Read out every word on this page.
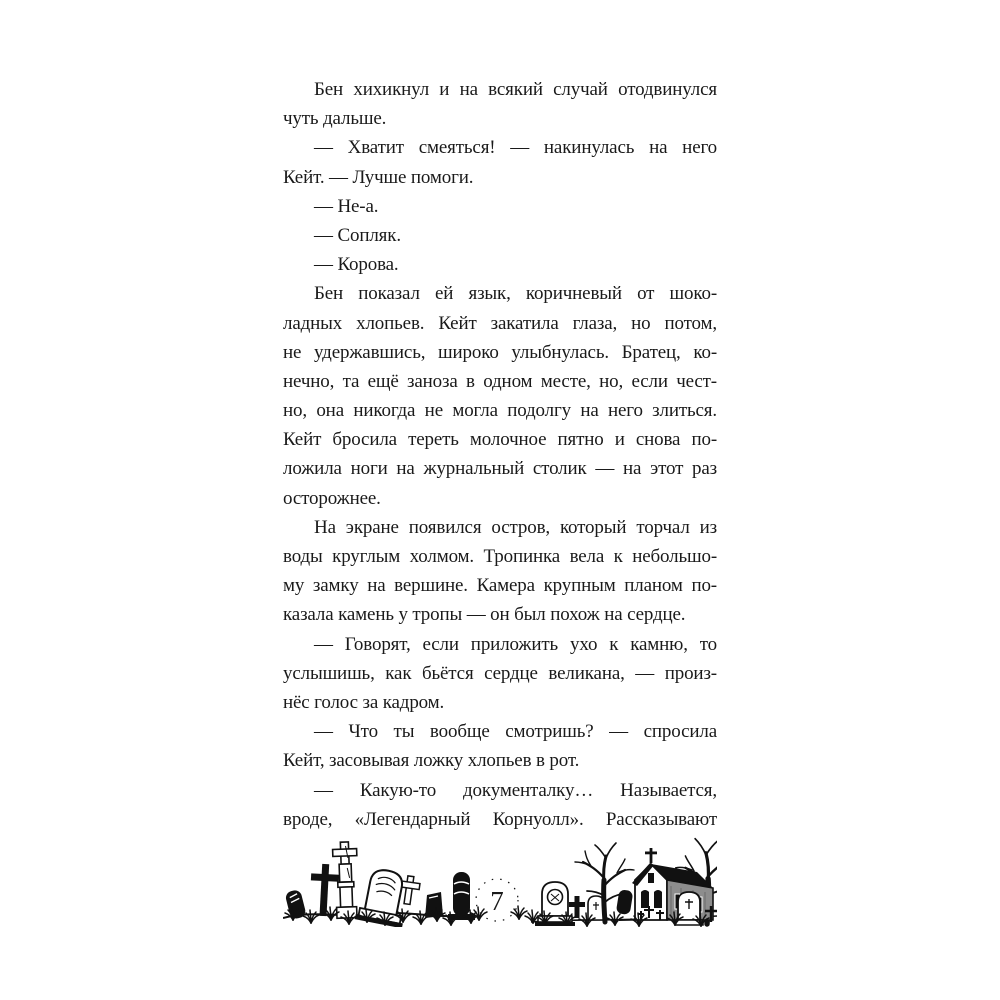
Бен хихикнул и на всякий случай отодвинулся
чуть дальше.
— Хватит смеяться! — накинулась на него
Кейт. — Лучше помоги.
— Не-а.
— Сопляк.
— Корова.
Бен показал ей язык, коричневый от шоко-
ладных хлопьев. Кейт закатила глаза, но потом,
не удержавшись, широко улыбнулась. Братец, ко-
нечно, та ещё заноза в одном месте, но, если чест-
но, она никогда не могла подолгу на него злиться.
Кейт бросила тереть молочное пятно и снова по-
ложила ноги на журнальный столик — на этот раз
осторожнее.
На экране появился остров, который торчал из
воды круглым холмом. Тропинка вела к небольшо-
му замку на вершине. Камера крупным планом по-
казала камень у тропы — он был похож на сердце.
— Говорят, если приложить ухо к камню, то
услышишь, как бьётся сердце великана, — произ-
нёс голос за кадром.
— Что ты вообще смотришь? — спросила
Кейт, засовывая ложку хлопьев в рот.
— Какую-то документалку… Называется,
вроде, «Легендарный Корнуолл». Рассказывают
7
